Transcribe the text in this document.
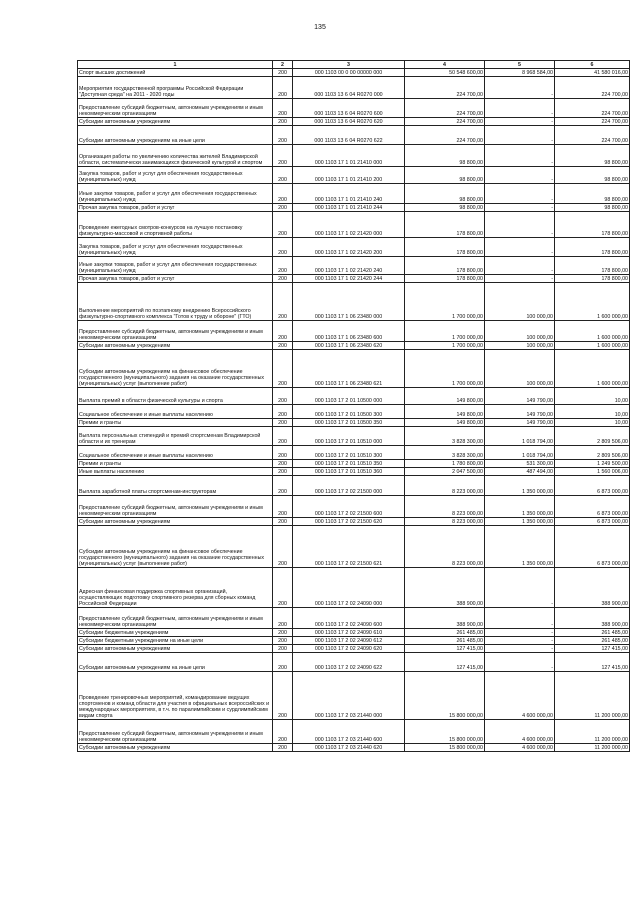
135
1	2	3	4	5	6
Спорт высших достижений	200	000 1103 00 0 00 00000 000	50 548 600,00	8 968 584,00	41 580 016,00
Мероприятия государственной программы Российской Федерации "Доступная среда" на 2011 - 2020 годы	200	000 1103 13 6 04 R0270 000	224 700,00	-	224 700,00
Предоставление субсидий бюджетным, автономным учреждениям и иным некоммерческим организациям	200	000 1103 13 6 04 R0270 600	224 700,00	-	224 700,00
Субсидии автономным учреждениям	200	000 1103 13 6 04 R0270 620	224 700,00	-	224 700,00
Субсидии автономным учреждениям на иные цели	200	000 1103 13 6 04 R0270 622	224 700,00	-	224 700,00
Организация работы по увеличению количества жителей Владимирской области, систематически занимающихся физической культурой и спортом	200	000 1103 17 1 01 21410 000	98 800,00	-	98 800,00
Закупка товаров, работ и услуг для обеспечения государственных (муниципальных) нужд	200	000 1103 17 1 01 21410 200	98 800,00	-	98 800,00
Иные закупки товаров, работ и услуг для обеспечения государственных (муниципальных) нужд	200	000 1103 17 1 01 21410 240	98 800,00	-	98 800,00
Прочая закупка товаров, работ и услуг	200	000 1103 17 1 01 21410 244	98 800,00	-	98 800,00
Проведение ежегодных смотров-конкурсов на лучшую постановку физкультурно-массовой и спортивной работы	200	000 1103 17 1 02 21420 000	178 800,00	-	178 800,00
Закупка товаров, работ и услуг для обеспечения государственных (муниципальных) нужд	200	000 1103 17 1 02 21420 200	178 800,00	-	178 800,00
Иные закупки товаров, работ и услуг для обеспечения государственных (муниципальных) нужд	200	000 1103 17 1 02 21420 240	178 800,00	-	178 800,00
Прочая закупка товаров, работ и услуг	200	000 1103 17 1 02 21420 244	178 800,00	-	178 800,00
Выполнение мероприятий по поэтапному внедрению Всероссийского физкультурно-спортивного комплекса "Готов к труду и обороне" (ГТО)	200	000 1103 17 1 06 23480 000	1 700 000,00	100 000,00	1 600 000,00
Предоставление субсидий бюджетным, автономным учреждениям и иным некоммерческим организациям	200	000 1103 17 1 06 23480 600	1 700 000,00	100 000,00	1 600 000,00
Субсидии автономным учреждениям	200	000 1103 17 1 06 23480 620	1 700 000,00	100 000,00	1 600 000,00
Субсидии автономным учреждениям на финансовое обеспечение государственного (муниципального) задания на оказание государственных (муниципальных) услуг (выполнение работ)	200	000 1103 17 1 06 23480 621	1 700 000,00	100 000,00	1 600 000,00
Выплата премий в области физической культуры и спорта	200	000 1103 17 2 01 10500 000	149 800,00	149 790,00	10,00
Социальное обеспечение и иные выплаты населению	200	000 1103 17 2 01 10500 300	149 800,00	149 790,00	10,00
Премии и гранты	200	000 1103 17 2 01 10500 350	149 800,00	149 790,00	10,00
Выплата персональных стипендий и премий спортсменам Владимирской области и их тренерам	200	000 1103 17 2 01 10510 000	3 828 300,00	1 018 794,00	2 809 506,00
Социальное обеспечение и иные выплаты населению	200	000 1103 17 2 01 10510 300	3 828 300,00	1 018 794,00	2 809 506,00
Премии и гранты	200	000 1103 17 2 01 10510 350	1 780 800,00	531 300,00	1 249 500,00
Иные выплаты населению	200	000 1103 17 2 01 10510 360	2 047 500,00	487 494,00	1 560 006,00
Выплата заработной платы спортсменам-инструкторам	200	000 1103 17 2 02 21500 000	8 223 000,00	1 350 000,00	6 873 000,00
Предоставление субсидий бюджетным, автономным учреждениям и иным некоммерческим организациям	200	000 1103 17 2 02 21500 600	8 223 000,00	1 350 000,00	6 873 000,00
Субсидии автономным учреждениям	200	000 1103 17 2 02 21500 620	8 223 000,00	1 350 000,00	6 873 000,00
Субсидии автономным учреждениям на финансовое обеспечение государственного (муниципального) задания на оказание государственных (муниципальных) услуг (выполнение работ)	200	000 1103 17 2 02 21500 621	8 223 000,00	1 350 000,00	6 873 000,00
Адресная финансовая поддержка спортивных организаций, осуществляющих подготовку спортивного резерва для сборных команд Российской Федерации	200	000 1103 17 2 02 24090 000	388 900,00	-	388 900,00
Предоставление субсидий бюджетным, автономным учреждениям и иным некоммерческим организациям	200	000 1103 17 2 02 24090 600	388 900,00	-	388 900,00
Субсидии бюджетным учреждениям	200	000 1103 17 2 02 24090 610	261 485,00	-	261 485,00
Субсидии бюджетным учреждениям на иные цели	200	000 1103 17 2 02 24090 612	261 485,00	-	261 485,00
Субсидии автономным учреждениям	200	000 1103 17 2 02 24090 620	127 415,00	-	127 415,00
Субсидии автономным учреждениям на иные цели	200	000 1103 17 2 02 24090 622	127 415,00	-	127 415,00
Проведение тренировочных мероприятий, командирование ведущих спортсменов и команд области для участия в официальных всероссийских и международных мероприятиях, в т.ч. по паралимпийским и сурдлимпийским видам спорта	200	000 1103 17 2 03 21440 000	15 800 000,00	4 600 000,00	11 200 000,00
Предоставление субсидий бюджетным, автономным учреждениям и иным некоммерческим организациям	200	000 1103 17 2 03 21440 600	15 800 000,00	4 600 000,00	11 200 000,00
Субсидии автономным учреждениям	200	000 1103 17 2 03 21440 620	15 800 000,00	4 600 000,00	11 200 000,00
